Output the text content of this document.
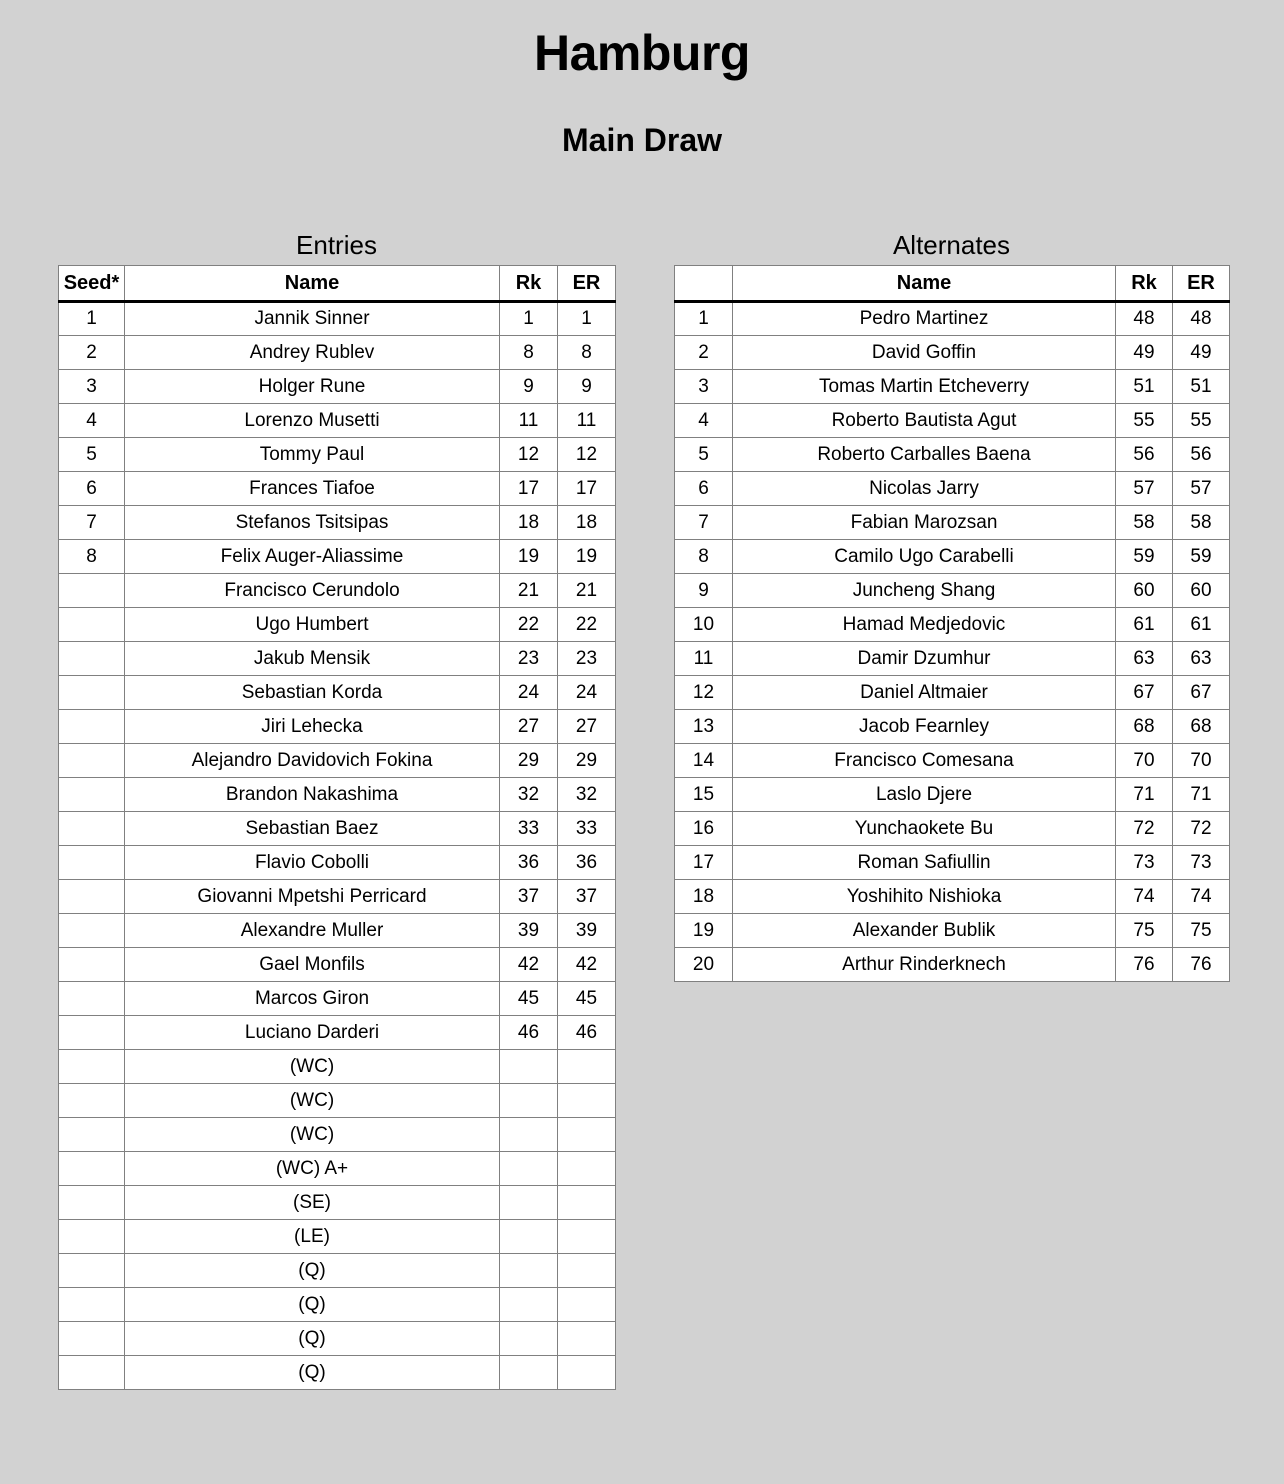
Hamburg
Main Draw
Entries
Seed*	Name	Rk	ER
1	Jannik Sinner	1	1
2	Andrey Rublev	8	8
3	Holger Rune	9	9
4	Lorenzo Musetti	11	11
5	Tommy Paul	12	12
6	Frances Tiafoe	17	17
7	Stefanos Tsitsipas	18	18
8	Felix Auger-Aliassime	19	19
	Francisco Cerundolo	21	21
	Ugo Humbert	22	22
	Jakub Mensik	23	23
	Sebastian Korda	24	24
	Jiri Lehecka	27	27
	Alejandro Davidovich Fokina	29	29
	Brandon Nakashima	32	32
	Sebastian Baez	33	33
	Flavio Cobolli	36	36
	Giovanni Mpetshi Perricard	37	37
	Alexandre Muller	39	39
	Gael Monfils	42	42
	Marcos Giron	45	45
	Luciano Darderi	46	46
	(WC)		
	(WC)		
	(WC)		
	(WC) A+		
	(SE)		
	(LE)		
	(Q)		
	(Q)		
	(Q)		
	(Q)		
Alternates
	Name	Rk	ER
1	Pedro Martinez	48	48
2	David Goffin	49	49
3	Tomas Martin Etcheverry	51	51
4	Roberto Bautista Agut	55	55
5	Roberto Carballes Baena	56	56
6	Nicolas Jarry	57	57
7	Fabian Marozsan	58	58
8	Camilo Ugo Carabelli	59	59
9	Juncheng Shang	60	60
10	Hamad Medjedovic	61	61
11	Damir Dzumhur	63	63
12	Daniel Altmaier	67	67
13	Jacob Fearnley	68	68
14	Francisco Comesana	70	70
15	Laslo Djere	71	71
16	Yunchaokete Bu	72	72
17	Roman Safiullin	73	73
18	Yoshihito Nishioka	74	74
19	Alexander Bublik	75	75
20	Arthur Rinderknech	76	76
